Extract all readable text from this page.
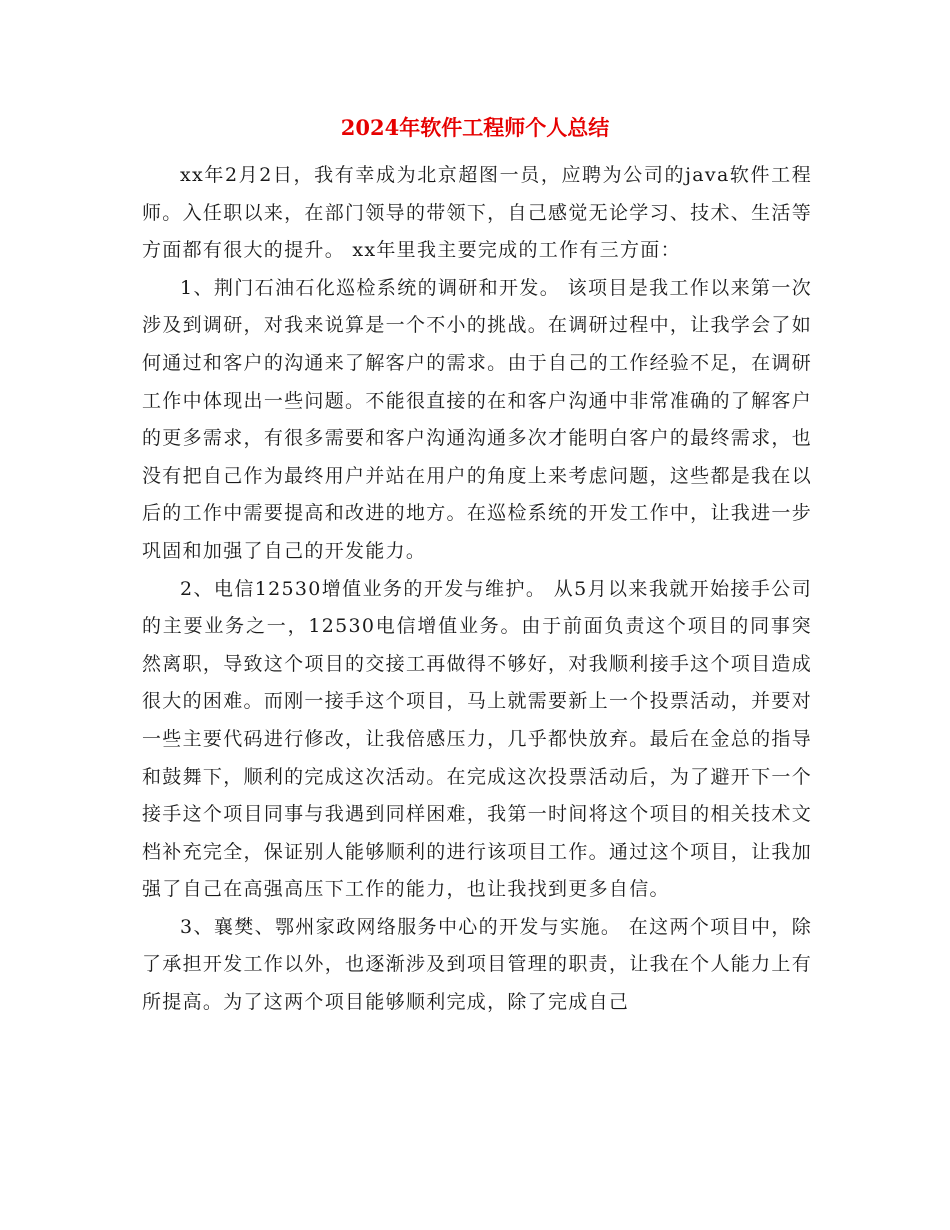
2024年软件工程师个人总结

xx年2月2日，我有幸成为北京超图一员，应聘为公司的java软件工程师。入任职以来，在部门领导的带领下，自己感觉无论学习、技术、生活等方面都有很大的提升。 xx年里我主要完成的工作有三方面：

1、荆门石油石化巡检系统的调研和开发。 该项目是我工作以来第一次涉及到调研，对我来说算是一个不小的挑战。在调研过程中，让我学会了如何通过和客户的沟通来了解客户的需求。由于自己的工作经验不足，在调研工作中体现出一些问题。不能很直接的在和客户沟通中非常准确的了解客户的更多需求，有很多需要和客户沟通沟通多次才能明白客户的最终需求，也没有把自己作为最终用户并站在用户的角度上来考虑问题，这些都是我在以后的工作中需要提高和改进的地方。在巡检系统的开发工作中，让我进一步巩固和加强了自己的开发能力。

2、电信12530增值业务的开发与维护。 从5月以来我就开始接手公司的主要业务之一，12530电信增值业务。由于前面负责这个项目的同事突然离职，导致这个项目的交接工再做得不够好，对我顺利接手这个项目造成很大的困难。而刚一接手这个项目，马上就需要新上一个投票活动，并要对一些主要代码进行修改，让我倍感压力，几乎都快放弃。最后在金总的指导和鼓舞下，顺利的完成这次活动。在完成这次投票活动后，为了避开下一个接手这个项目同事与我遇到同样困难，我第一时间将这个项目的相关技术文档补充完全，保证别人能够顺利的进行该项目工作。通过这个项目，让我加强了自己在高强高压下工作的能力，也让我找到更多自信。

3、襄樊、鄂州家政网络服务中心的开发与实施。 在这两个项目中，除了承担开发工作以外，也逐渐涉及到项目管理的职责，让我在个人能力上有所提高。为了这两个项目能够顺利完成，除了完成自己
